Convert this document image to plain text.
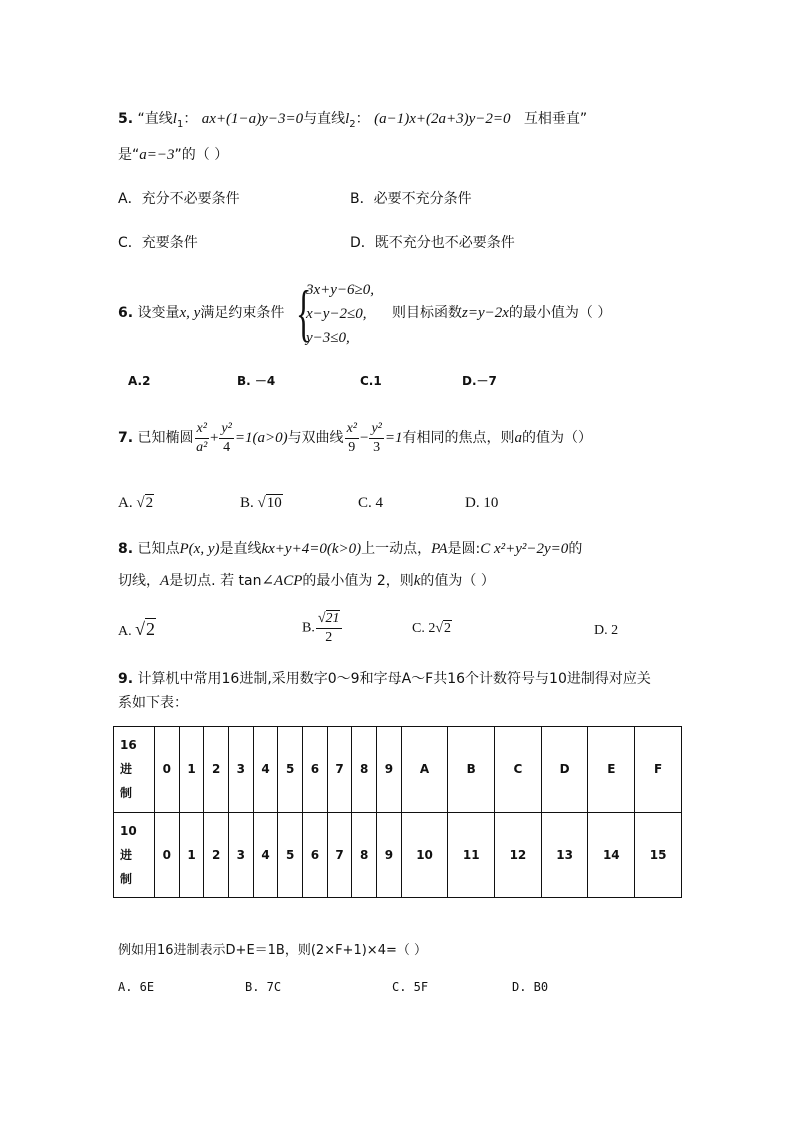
5. “直线$l_1$： ax+(1−a)y−3=0与直线$l_2$： (a−1)x+(2a+3)y−2=0 互相垂直”
是“a=−3”的（ ）
A．充分不必要条件	B．必要不充分条件
C．充要条件	D．既不充分也不必要条件
6. 设变量x, y满足约束条件 {
3x+y−6≥0,
x−y−2≤0,
y−3≤0,
则目标函数z=y−2x的最小值为（ ）
A.2	B. －4	C.1	D.－7
7. 已知椭圆 $\frac{\text{x²}}{\text{a²}} + \frac{\text{y²}}{4} =1(a>0)$与双曲线 $\frac{\text{x²}}{9} - \frac{\text{y²}}{3} =1$有相同的焦点，则a的值为（）
A. √2	B. √10	C. 4	D. 10
8. 已知点P(x, y)是直线kx+y+4=0(k>0)上一动点，PA是圆:C x²+y²−2y=0的
切线，A是切点. 若 tan∠ACP的最小值为 2，则k的值为（ ）
A. √2	B. $\frac{√21}{2}$	C. 2√2	D. 2
9. 计算机中常用16进制,采用数字0～9和字母A～F共16个计数符号与10进制得对应关
系如下表：
16
进
制	0	1	2	3	4	5	6	7	8	9	A	B	C	D	E	F

10
进
制	0	1	2	3	4	5	6	7	8	9	10	11	12	13	14	15
例如用16进制表示D+E＝1B，则(2×F+1)×4=（ ）
A. 6E	B. 7C	C. 5F	D. B0
